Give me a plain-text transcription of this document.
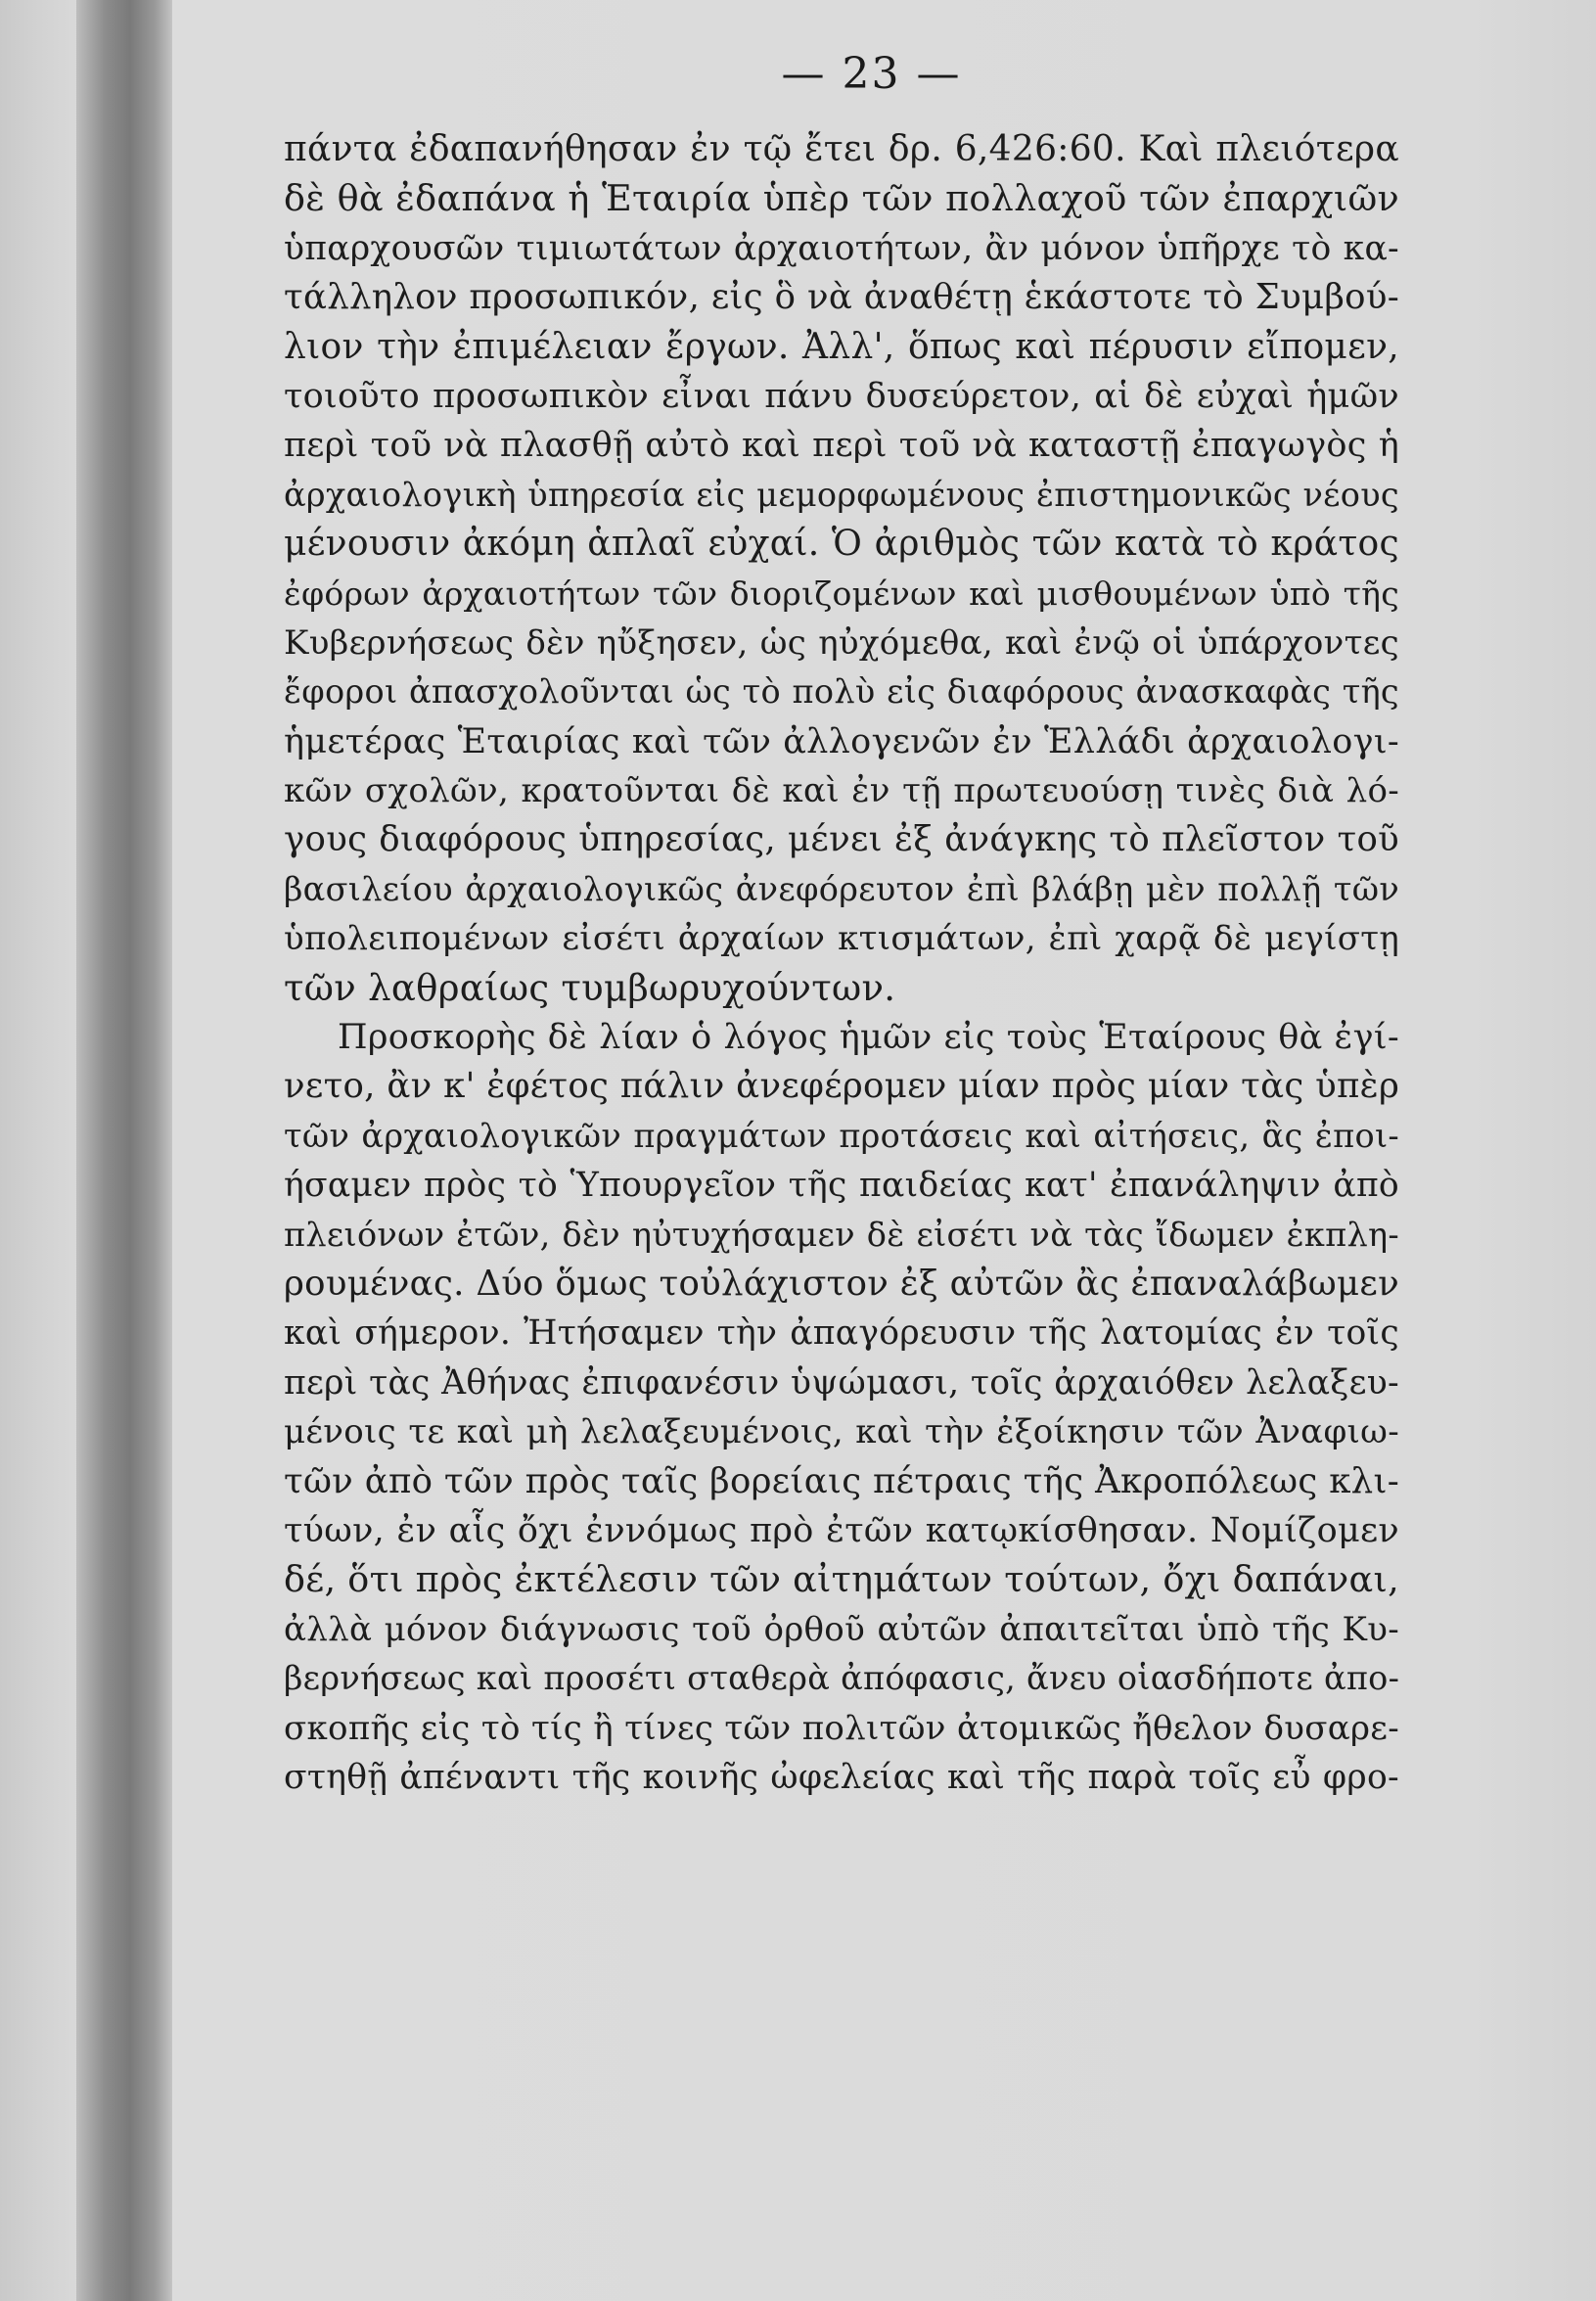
— 23 —
πάντα ἐδαπανήθησαν ἐν τῷ ἔτει δρ. 6,426:60. Καὶ πλειότερα
δὲ θὰ ἐδαπάνα ἡ Ἑταιρία ὑπὲρ τῶν πολλαχοῦ τῶν ἐπαρχιῶν
ὑπαρχουσῶν τιμιωτάτων ἀρχαιοτήτων, ἂν μόνον ὑπῆρχε τὸ κα-
τάλληλον προσωπικόν, εἰς ὃ νὰ ἀναθέτῃ ἑκάστοτε τὸ Συμβού-
λιον τὴν ἐπιμέλειαν ἔργων. Ἀλλ', ὅπως καὶ πέρυσιν εἴπομεν,
τοιοῦτο προσωπικὸν εἶναι πάνυ δυσεύρετον, αἱ δὲ εὐχαὶ ἡμῶν
περὶ τοῦ νὰ πλασθῇ αὐτὸ καὶ περὶ τοῦ νὰ καταστῇ ἐπαγωγὸς ἡ
ἀρχαιολογικὴ ὑπηρεσία εἰς μεμορφωμένους ἐπιστημονικῶς νέους
μένουσιν ἀκόμη ἁπλαῖ εὐχαί. Ὁ ἀριθμὸς τῶν κατὰ τὸ κράτος
ἐφόρων ἀρχαιοτήτων τῶν διοριζομένων καὶ μισθουμένων ὑπὸ τῆς
Κυβερνήσεως δὲν ηὔξησεν, ὡς ηὐχόμεθα, καὶ ἐνῷ οἱ ὑπάρχοντες
ἔφοροι ἀπασχολοῦνται ὡς τὸ πολὺ εἰς διαφόρους ἀνασκαφὰς τῆς
ἡμετέρας Ἑταιρίας καὶ τῶν ἀλλογενῶν ἐν Ἑλλάδι ἀρχαιολογι-
κῶν σχολῶν, κρατοῦνται δὲ καὶ ἐν τῇ πρωτευούσῃ τινὲς διὰ λό-
γους διαφόρους ὑπηρεσίας, μένει ἐξ ἀνάγκης τὸ πλεῖστον τοῦ
βασιλείου ἀρχαιολογικῶς ἀνεφόρευτον ἐπὶ βλάβῃ μὲν πολλῇ τῶν
ὑπολειπομένων εἰσέτι ἀρχαίων κτισμάτων, ἐπὶ χαρᾷ δὲ μεγίστῃ
τῶν λαθραίως τυμβωρυχούντων.
Προσκορὴς δὲ λίαν ὁ λόγος ἡμῶν εἰς τοὺς Ἑταίρους θὰ ἐγί-
νετο, ἂν κ' ἐφέτος πάλιν ἀνεφέρομεν μίαν πρὸς μίαν τὰς ὑπὲρ
τῶν ἀρχαιολογικῶν πραγμάτων προτάσεις καὶ αἰτήσεις, ἃς ἐποι-
ήσαμεν πρὸς τὸ Ὑπουργεῖον τῆς παιδείας κατ' ἐπανάληψιν ἀπὸ
πλειόνων ἐτῶν, δὲν ηὐτυχήσαμεν δὲ εἰσέτι νὰ τὰς ἴδωμεν ἐκπλη-
ρουμένας. Δύο ὅμως τοὐλάχιστον ἐξ αὐτῶν ἂς ἐπαναλάβωμεν
καὶ σήμερον. Ἠτήσαμεν τὴν ἀπαγόρευσιν τῆς λατομίας ἐν τοῖς
περὶ τὰς Ἀθήνας ἐπιφανέσιν ὑψώμασι, τοῖς ἀρχαιόθεν λελαξευ-
μένοις τε καὶ μὴ λελαξευμένοις, καὶ τὴν ἐξοίκησιν τῶν Ἀναφιω-
τῶν ἀπὸ τῶν πρὸς ταῖς βορείαις πέτραις τῆς Ἀκροπόλεως κλι-
τύων, ἐν αἷς ὄχι ἐννόμως πρὸ ἐτῶν κατῳκίσθησαν. Νομίζομεν
δέ, ὅτι πρὸς ἐκτέλεσιν τῶν αἰτημάτων τούτων, ὄχι δαπάναι,
ἀλλὰ μόνον διάγνωσις τοῦ ὀρθοῦ αὐτῶν ἀπαιτεῖται ὑπὸ τῆς Κυ-
βερνήσεως καὶ προσέτι σταθερὰ ἀπόφασις, ἄνευ οἱασδήποτε ἀπο-
σκοπῆς εἰς τὸ τίς ἢ τίνες τῶν πολιτῶν ἀτομικῶς ἤθελον δυσαρε-
στηθῇ ἀπέναντι τῆς κοινῆς ὠφελείας καὶ τῆς παρὰ τοῖς εὖ φρο-
